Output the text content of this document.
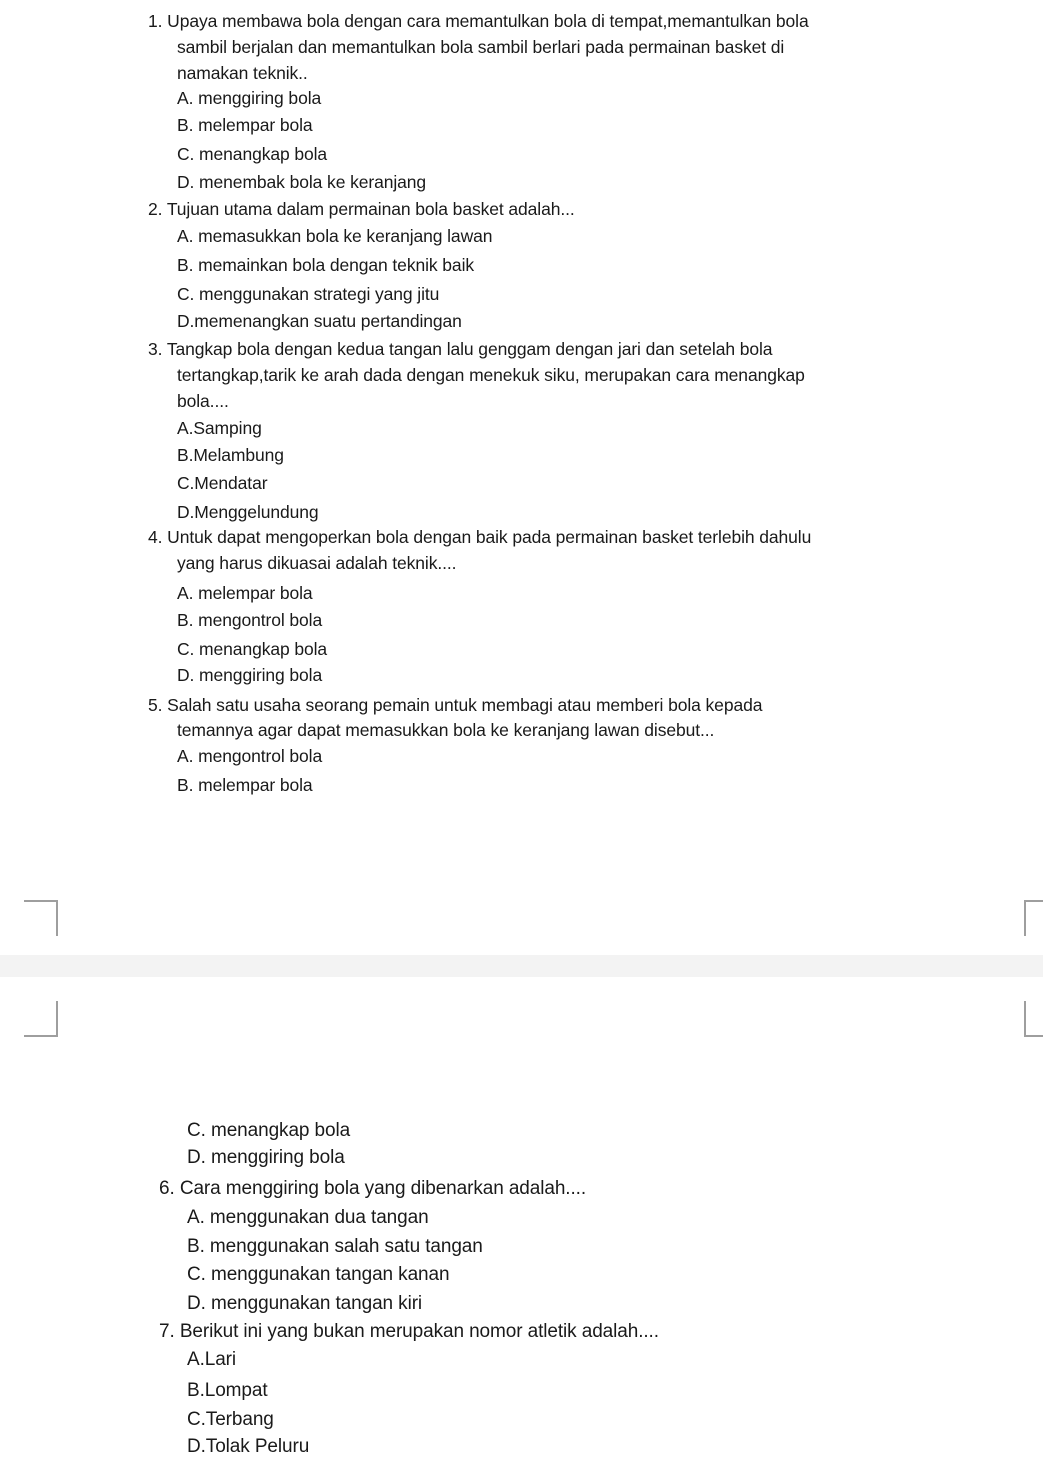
1. Upaya membawa bola dengan cara memantulkan bola di tempat,memantulkan bola
sambil berjalan dan memantulkan bola sambil berlari pada permainan basket di
namakan teknik..
A. menggiring bola
B. melempar bola
C. menangkap bola
D. menembak bola ke keranjang
2. Tujuan utama dalam permainan bola basket adalah...
A. memasukkan bola ke keranjang lawan
B. memainkan bola dengan teknik baik
C. menggunakan strategi yang jitu
D.memenangkan suatu pertandingan
3. Tangkap bola dengan kedua tangan lalu genggam dengan jari dan setelah bola
tertangkap,tarik ke arah dada dengan menekuk siku, merupakan cara menangkap
bola....
A.Samping
B.Melambung
C.Mendatar
D.Menggelundung
4. Untuk dapat mengoperkan bola dengan baik pada permainan basket terlebih dahulu
yang harus dikuasai adalah teknik....
A. melempar bola
B. mengontrol bola
C. menangkap bola
D. menggiring bola
5. Salah satu usaha seorang pemain untuk membagi atau memberi bola kepada
temannya agar dapat memasukkan bola ke keranjang lawan disebut...
A. mengontrol bola
B. melempar bola
C. menangkap bola
D. menggiring bola
6. Cara menggiring bola yang dibenarkan adalah....
A. menggunakan dua tangan
B. menggunakan salah satu tangan
C. menggunakan tangan kanan
D. menggunakan tangan kiri
7. Berikut ini yang bukan merupakan nomor atletik adalah....
A.Lari
B.Lompat
C.Terbang
D.Tolak Peluru
